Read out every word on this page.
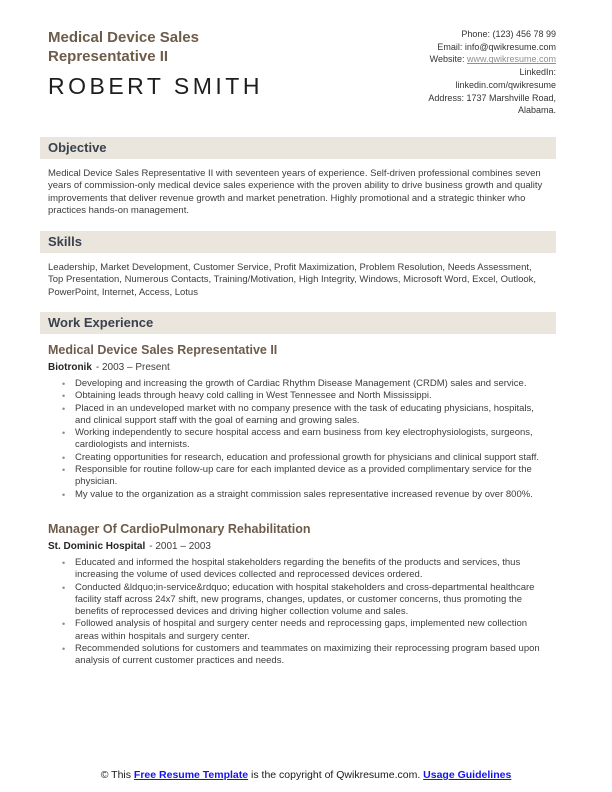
Medical Device Sales Representative II
ROBERT SMITH
Phone: (123) 456 78 99
Email: info@qwikresume.com
Website: www.qwikresume.com
LinkedIn:
linkedin.com/qwikresume
Address: 1737 Marshville Road,
Alabama.
Objective

Medical Device Sales Representative II with seventeen years of experience. Self-driven professional combines seven years of commission-only medical device sales experience with the proven ability to drive business growth and quality improvements that deliver revenue growth and market penetration. Highly promotional and a strategic thinker who practices hands-on management.

Skills

Leadership, Market Development, Customer Service, Profit Maximization, Problem Resolution, Needs Assessment, Top Presentation, Numerous Contacts, Training/Motivation, High Integrity, Windows, Microsoft Word, Excel, Outlook, PowerPoint, Internet, Access, Lotus

Work Experience
Medical Device Sales Representative II
Biotronik - 2003 – Present
• Developing and increasing the growth of Cardiac Rhythm Disease Management (CRDM) sales and service.
• Obtaining leads through heavy cold calling in West Tennessee and North Mississippi.
• Placed in an undeveloped market with no company presence with the task of educating physicians, hospitals, and clinical support staff with the goal of earning and growing sales.
• Working independently to secure hospital access and earn business from key electrophysiologists, surgeons, cardiologists and internists.
• Creating opportunities for research, education and professional growth for physicians and clinical support staff.
• Responsible for routine follow-up care for each implanted device as a provided complimentary service for the physician.
• My value to the organization as a straight commission sales representative increased revenue by over 800%.
Manager Of CardioPulmonary Rehabilitation
St. Dominic Hospital - 2001 – 2003
• Educated and informed the hospital stakeholders regarding the benefits of the products and services, thus increasing the volume of used devices collected and reprocessed devices ordered.
• Conducted &ldquo;in-service&rdquo; education with hospital stakeholders and cross-departmental healthcare facility staff across 24x7 shift, new programs, changes, updates, or customer concerns, thus promoting the benefits of reprocessed devices and driving higher collection volume and sales.
• Followed analysis of hospital and surgery center needs and reprocessing gaps, implemented new collection areas within hospitals and surgery center.
• Recommended solutions for customers and teammates on maximizing their reprocessing program based upon analysis of current customer practices and needs.
© This Free Resume Template is the copyright of Qwikresume.com. Usage Guidelines
